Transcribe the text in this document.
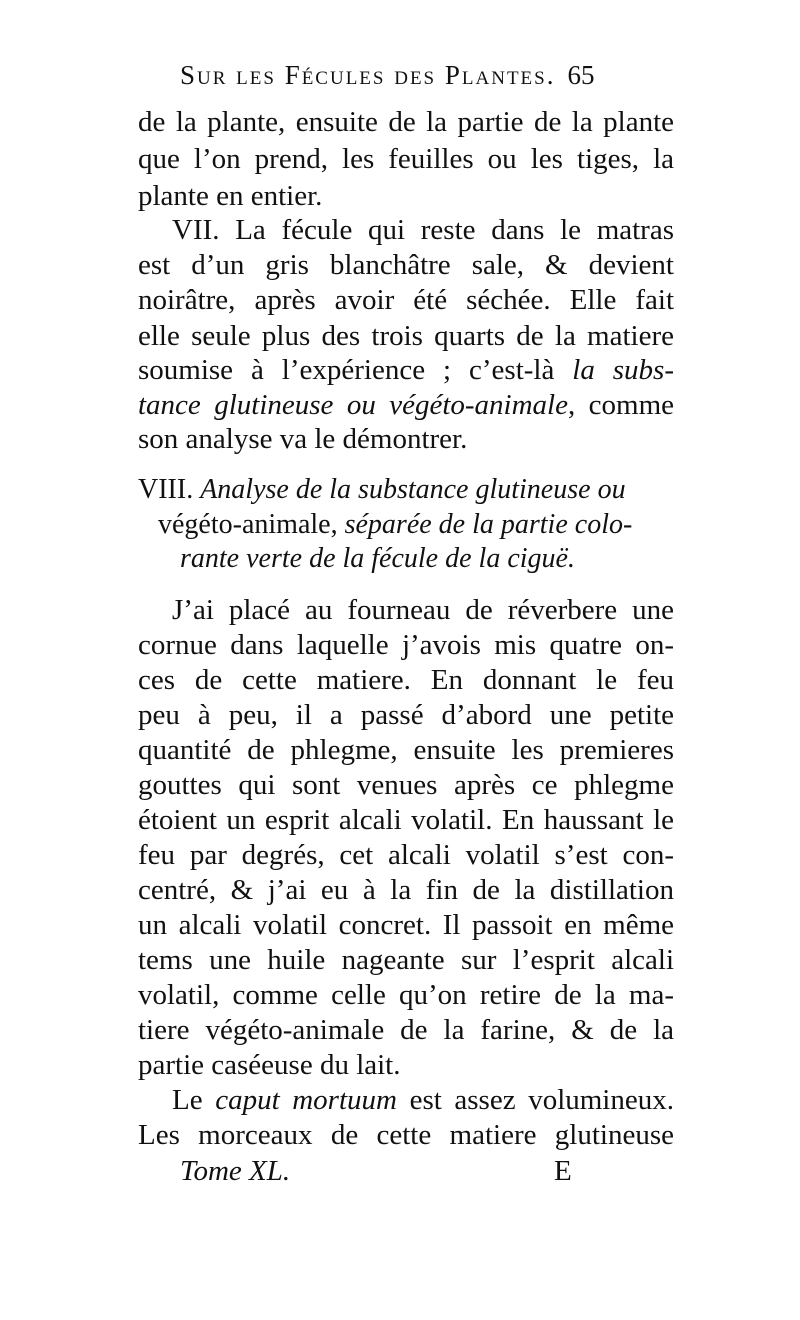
Sur les Fécules des Plantes. 65
de la plante, ensuite de la partie de la plante
que l’on prend, les feuilles ou les tiges, la
plante en entier.
VII. La fécule qui reste dans le matras
est d’un gris blanchâtre sale, & devient
noirâtre, après avoir été séchée. Elle fait
elle seule plus des trois quarts de la matiere
soumise à l’expérience ; c’est-là la subs-
tance glutineuse ou végéto-animale, comme
son analyse va le démontrer.
VIII. Analyse de la substance glutineuse ou
végéto-animale, séparée de la partie colo-
rante verte de la fécule de la ciguë.
J’ai placé au fourneau de réverbere une
cornue dans laquelle j’avois mis quatre on-
ces de cette matiere. En donnant le feu
peu à peu, il a passé d’abord une petite
quantité de phlegme, ensuite les premieres
gouttes qui sont venues après ce phlegme
étoient un esprit alcali volatil. En haussant le
feu par degrés, cet alcali volatil s’est con-
centré, & j’ai eu à la fin de la distillation
un alcali volatil concret. Il passoit en même
tems une huile nageante sur l’esprit alcali
volatil, comme celle qu’on retire de la ma-
tiere végéto-animale de la farine, & de la
partie caséeuse du lait.
Le caput mortuum est assez volumineux.
Les morceaux de cette matiere glutineuse
Tome XL.	E
